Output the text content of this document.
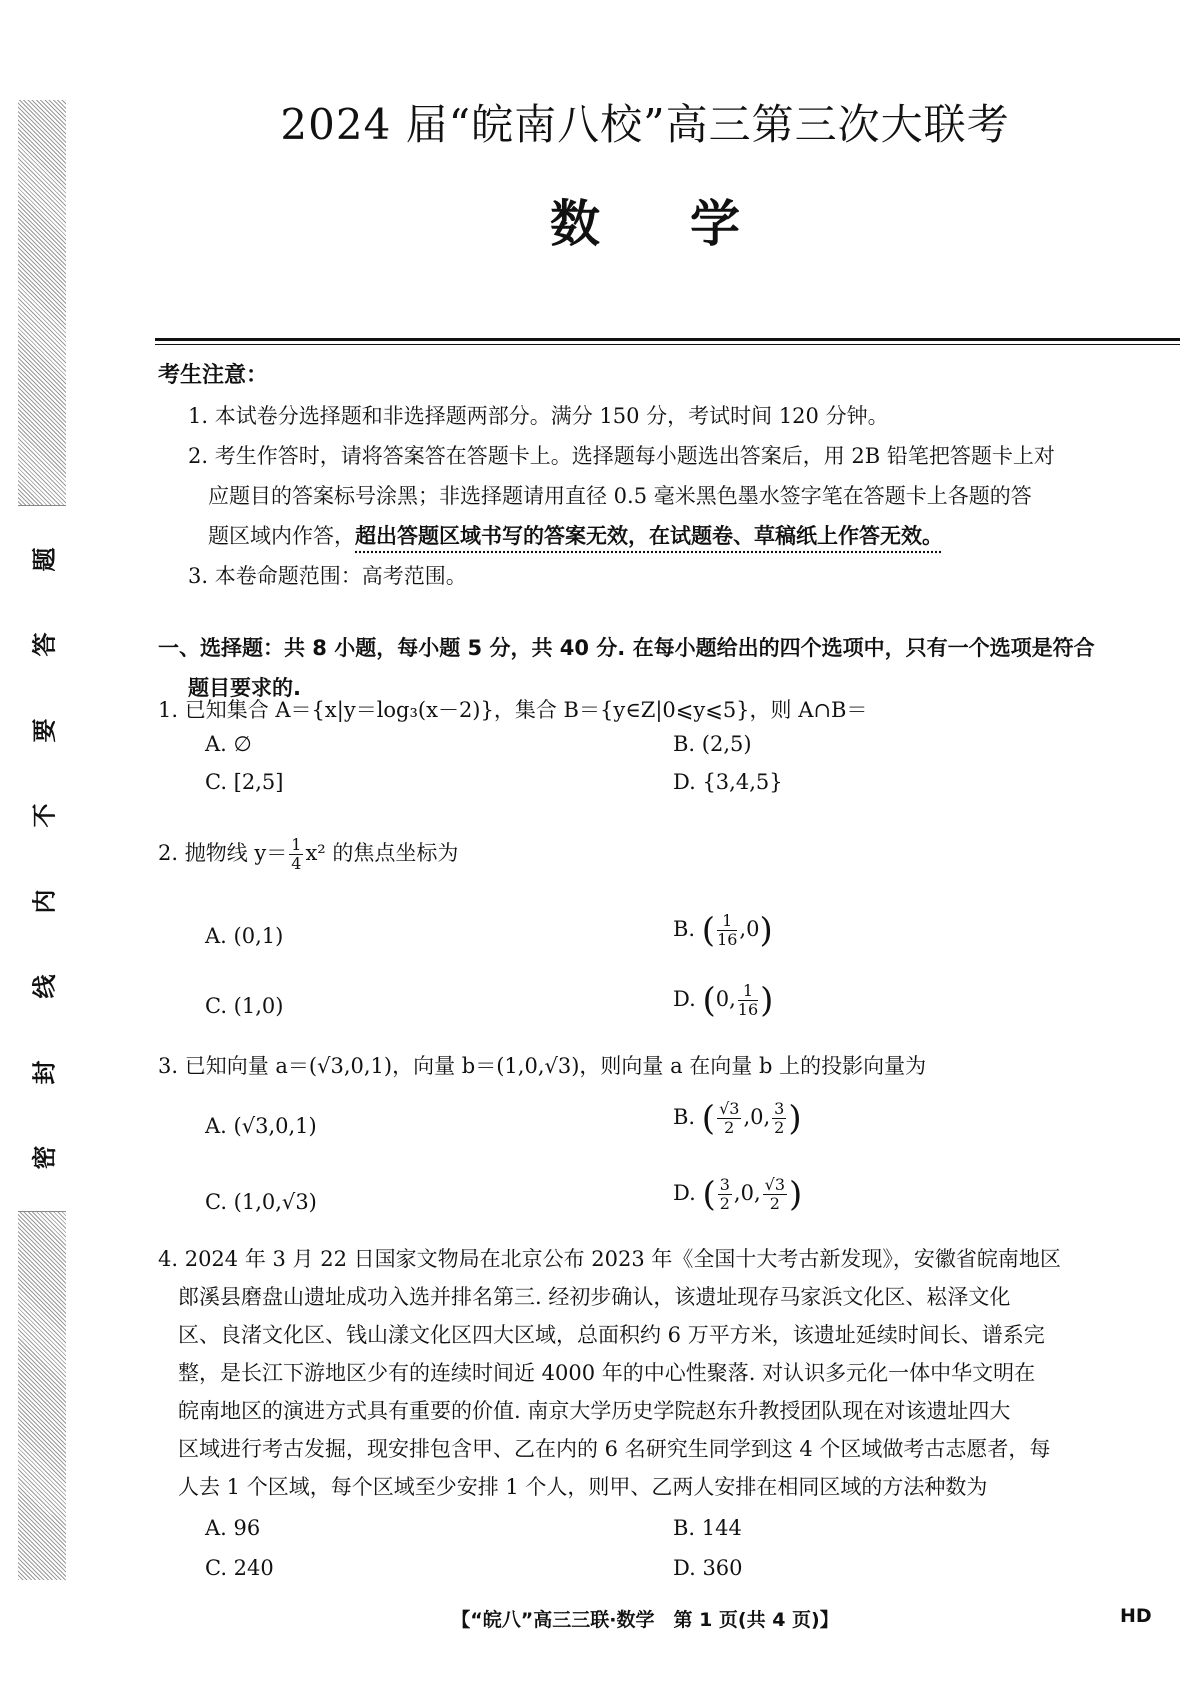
密
封
线
内
不
要
答
题
2024 届“皖南八校”高三第三次大联考
数学
考生注意：
1. 本试卷分选择题和非选择题两部分。满分 150 分，考试时间 120 分钟。
2. 考生作答时，请将答案答在答题卡上。选择题每小题选出答案后，用 2B 铅笔把答题卡上对
应题目的答案标号涂黑；非选择题请用直径 0.5 毫米黑色墨水签字笔在答题卡上各题的答
题区域内作答，超出答题区域书写的答案无效，在试题卷、草稿纸上作答无效。
3. 本卷命题范围：高考范围。
一、选择题：共 8 小题，每小题 5 分，共 40 分. 在每小题给出的四个选项中，只有一个选项是符合
题目要求的.
1. 已知集合 A＝{x|y＝log₃(x－2)}，集合 B＝{y∈Z|0⩽y⩽5}，则 A∩B＝
A. ∅	B. (2,5)
C. [2,5]	D. {3,4,5}
2. 抛物线 $y= \frac{1}{4} x^2$ 的焦点坐标为
A. (0,1)	B. ( $\frac{1}{16} ,0$)
C. (1,0)	D. (0, $\frac{1}{16}$ )
3. 已知向量 a＝(√3,0,1)，向量 b＝(1,0,√3)，则向量 a 在向量 b 上的投影向量为
A. (√3,0,1)	B. ( $\frac{√3}{2} ,0$, $\frac{3}{2}$ )
C. (1,0,√3)	D. ( $\frac{3}{2} ,0$, $\frac{√3}{2}$ )
4. 2024 年 3 月 22 日国家文物局在北京公布 2023 年《全国十大考古新发现》，安徽省皖南地区
郎溪县磨盘山遗址成功入选并排名第三. 经初步确认，该遗址现存马家浜文化区、崧泽文化
区、良渚文化区、钱山漾文化区四大区域，总面积约 6 万平方米，该遗址延续时间长、谱系完
整，是长江下游地区少有的连续时间近 4000 年的中心性聚落. 对认识多元化一体中华文明在
皖南地区的演进方式具有重要的价值. 南京大学历史学院赵东升教授团队现在对该遗址四大
区域进行考古发掘，现安排包含甲、乙在内的 6 名研究生同学到这 4 个区域做考古志愿者，每
人去 1 个区域，每个区域至少安排 1 个人，则甲、乙两人安排在相同区域的方法种数为
A. 96	B. 144
C. 240	D. 360
【“皖八”高三三联·数学　第 1 页(共 4 页)】	HD
